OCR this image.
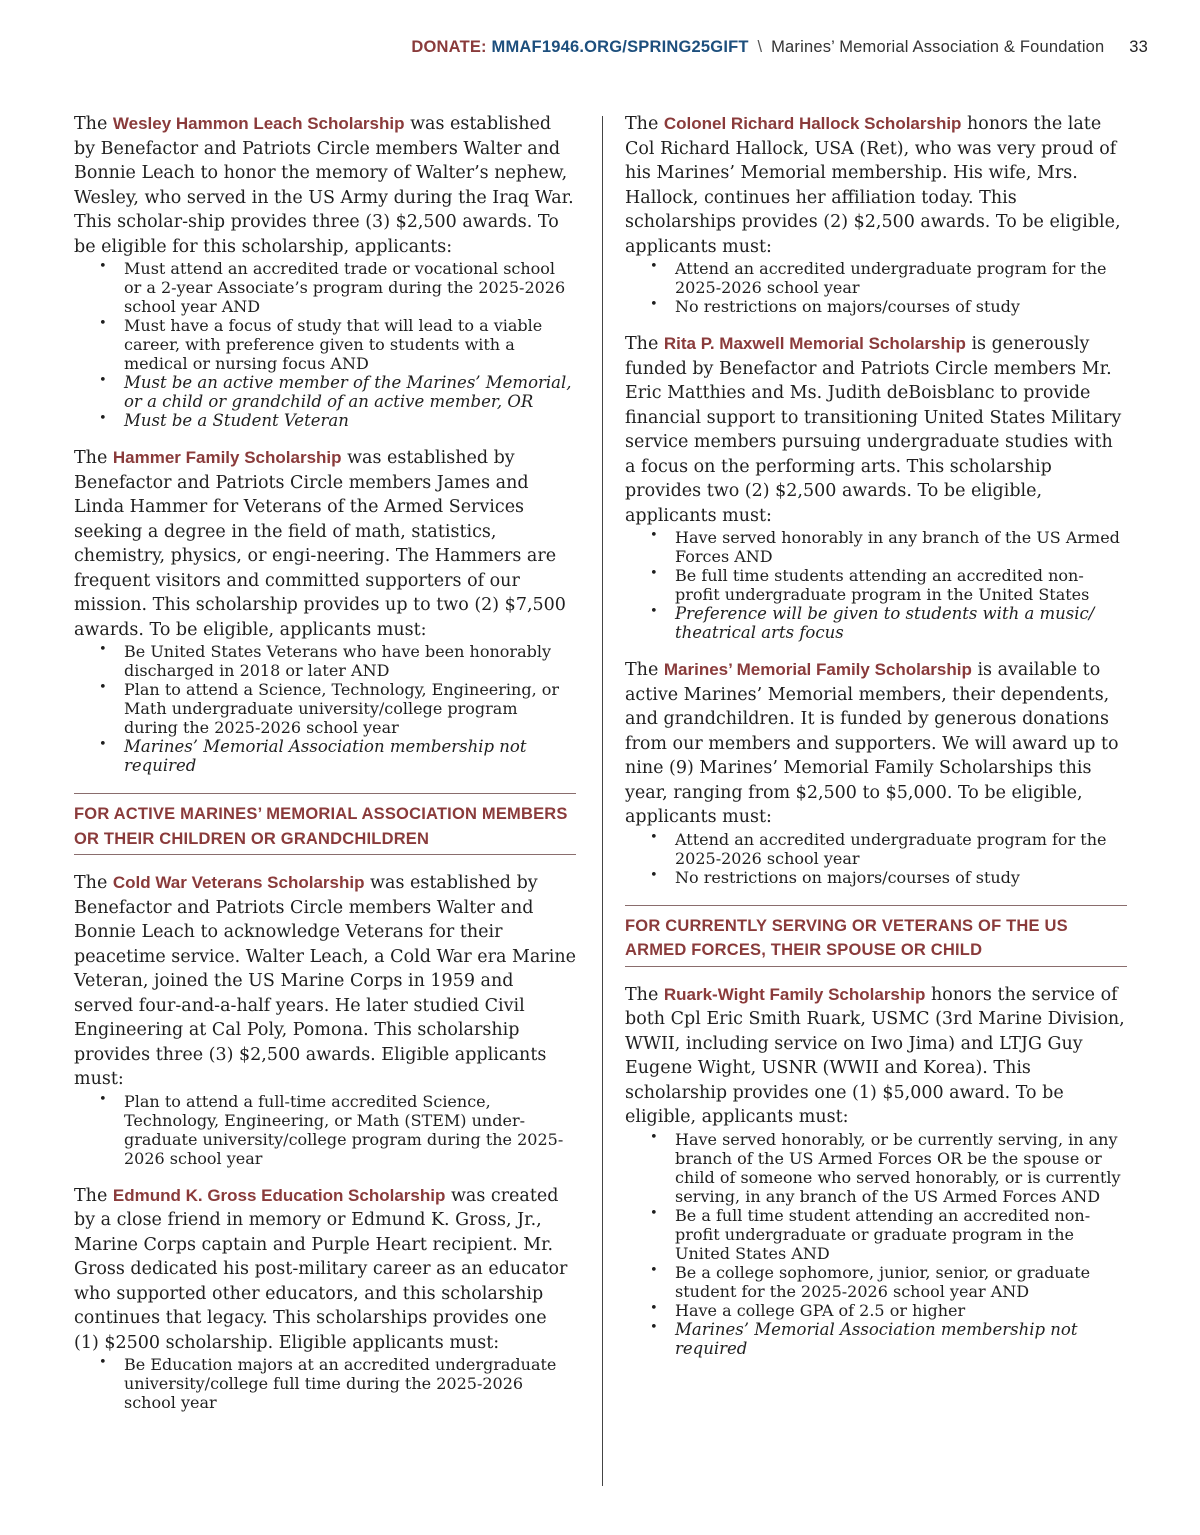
DONATE: MMAF1946.ORG/SPRING25GIFT \ Marines’ Memorial Association & Foundation 33

The Wesley Hammon Leach Scholarship was established by Benefactor and Patriots Circle members Walter and Bonnie Leach to honor the memory of Walter’s nephew, Wesley, who served in the US Army during the Iraq War. This scholar-ship provides three (3) $2,500 awards. To be eligible for this scholarship, applicants:

• Must attend an accredited trade or vocational school or a 2-year Associate’s program during the 2025-2026 school year AND
• Must have a focus of study that will lead to a viable career, with preference given to students with a medical or nursing focus AND
• Must be an active member of the Marines’ Memorial, or a child or grandchild of an active member, OR
• Must be a Student Veteran

The Hammer Family Scholarship was established by Benefactor and Patriots Circle members James and Linda Hammer for Veterans of the Armed Services seeking a degree in the field of math, statistics, chemistry, physics, or engi-neering. The Hammers are frequent visitors and committed supporters of our mission. This scholarship provides up to two (2) $7,500 awards. To be eligible, applicants must:

• Be United States Veterans who have been honorably discharged in 2018 or later AND
• Plan to attend a Science, Technology, Engineering, or Math undergraduate university/college program during the 2025-2026 school year
• Marines’ Memorial Association membership not required
FOR ACTIVE MARINES’ MEMORIAL ASSOCIATION MEMBERS OR THEIR CHILDREN OR GRANDCHILDREN

The Cold War Veterans Scholarship was established by Benefactor and Patriots Circle members Walter and Bonnie Leach to acknowledge Veterans for their peacetime service. Walter Leach, a Cold War era Marine Veteran, joined the US Marine Corps in 1959 and served four-and-a-half years. He later studied Civil Engineering at Cal Poly, Pomona. This scholarship provides three (3) $2,500 awards. Eligible applicants must:

• Plan to attend a full-time accredited Science, Technology, Engineering, or Math (STEM) under-graduate university/college program during the 2025-2026 school year

The Edmund K. Gross Education Scholarship was created by a close friend in memory or Edmund K. Gross, Jr., Marine Corps captain and Purple Heart recipient. Mr. Gross dedicated his post-military career as an educator who supported other educators, and this scholarship continues that legacy. This scholarships provides one (1) $2500 scholarship. Eligible applicants must:

• Be Education majors at an accredited undergraduate university/college full time during the 2025-2026 school year

The Colonel Richard Hallock Scholarship honors the late Col Richard Hallock, USA (Ret), who was very proud of his Marines’ Memorial membership. His wife, Mrs. Hallock, continues her affiliation today. This scholarships provides (2) $2,500 awards. To be eligible, applicants must:

• Attend an accredited undergraduate program for the 2025-2026 school year
• No restrictions on majors/courses of study

The Rita P. Maxwell Memorial Scholarship is generously funded by Benefactor and Patriots Circle members Mr. Eric Matthies and Ms. Judith deBoisblanc to provide financial support to transitioning United States Military service members pursuing undergraduate studies with a focus on the performing arts. This scholarship provides two (2) $2,500 awards. To be eligible, applicants must:

• Have served honorably in any branch of the US Armed Forces AND
• Be full time students attending an accredited non-profit undergraduate program in the United States
• Preference will be given to students with a music/ theatrical arts focus

The Marines’ Memorial Family Scholarship is available to active Marines’ Memorial members, their dependents, and grandchildren. It is funded by generous donations from our members and supporters. We will award up to nine (9) Marines’ Memorial Family Scholarships this year, ranging from $2,500 to $5,000. To be eligible, applicants must:

• Attend an accredited undergraduate program for the 2025-2026 school year
• No restrictions on majors/courses of study
FOR CURRENTLY SERVING OR VETERANS OF THE US ARMED FORCES, THEIR SPOUSE OR CHILD

The Ruark-Wight Family Scholarship honors the service of both Cpl Eric Smith Ruark, USMC (3rd Marine Division, WWII, including service on Iwo Jima) and LTJG Guy Eugene Wight, USNR (WWII and Korea). This scholarship provides one (1) $5,000 award. To be eligible, applicants must:

• Have served honorably, or be currently serving, in any branch of the US Armed Forces OR be the spouse or child of someone who served honorably, or is currently serving, in any branch of the US Armed Forces AND
• Be a full time student attending an accredited non-profit undergraduate or graduate program in the United States AND
• Be a college sophomore, junior, senior, or graduate student for the 2025-2026 school year AND
• Have a college GPA of 2.5 or higher
• Marines’ Memorial Association membership not required
